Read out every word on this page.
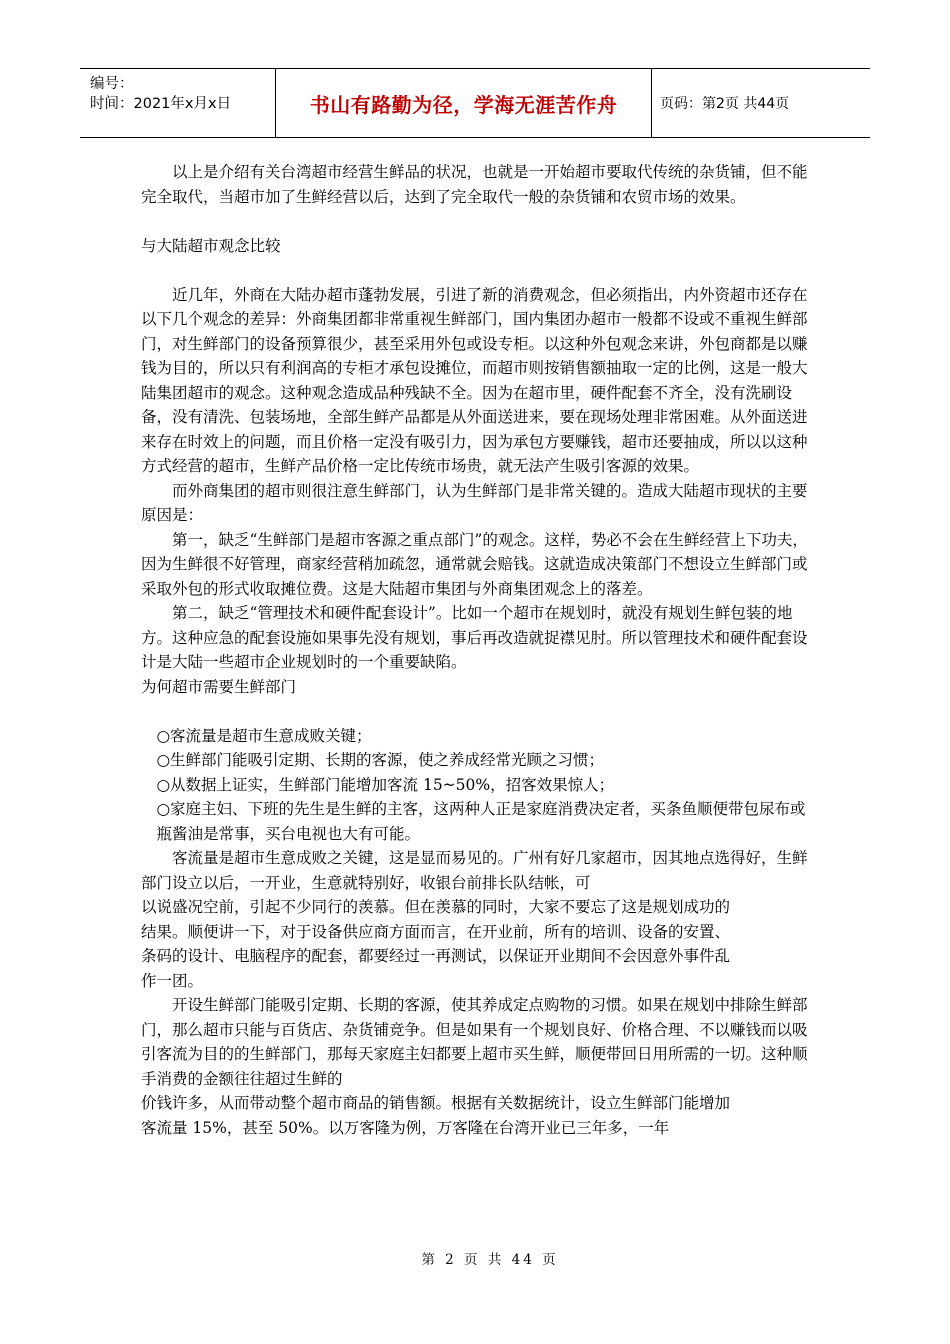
编号：
时间：2021年x月x日	书山有路勤为径，学海无涯苦作舟	页码：第2页 共44页

以上是介绍有关台湾超市经营生鲜品的状况，也就是一开始超市要取代传统的杂货铺，但不能完全取代，当超市加了生鲜经营以后，达到了完全取代一般的杂货铺和农贸市场的效果。

与大陆超市观念比较

近几年，外商在大陆办超市蓬勃发展，引进了新的消费观念，但必须指出，内外资超市还存在以下几个观念的差异：外商集团都非常重视生鲜部门，国内集团办超市一般都不设或不重视生鲜部门，对生鲜部门的设备预算很少，甚至采用外包或设专柜。以这种外包观念来讲，外包商都是以赚钱为目的，所以只有利润高的专柜才承包设摊位，而超市则按销售额抽取一定的比例，这是一般大陆集团超市的观念。这种观念造成品种残缺不全。因为在超市里，硬件配套不齐全，没有洗刷设备，没有清洗、包装场地，全部生鲜产品都是从外面送进来，要在现场处理非常困难。从外面送进来存在时效上的问题，而且价格一定没有吸引力，因为承包方要赚钱，超市还要抽成，所以以这种方式经营的超市，生鲜产品价格一定比传统市场贵，就无法产生吸引客源的效果。

而外商集团的超市则很注意生鲜部门，认为生鲜部门是非常关键的。造成大陆超市现状的主要原因是：

第一，缺乏“生鲜部门是超市客源之重点部门”的观念。这样，势必不会在生鲜经营上下功夫，因为生鲜很不好管理，商家经营稍加疏忽，通常就会赔钱。这就造成决策部门不想设立生鲜部门或采取外包的形式收取摊位费。这是大陆超市集团与外商集团观念上的落差。

第二，缺乏“管理技术和硬件配套设计”。比如一个超市在规划时，就没有规划生鲜包装的地方。这种应急的配套设施如果事先没有规划，事后再改造就捉襟见肘。所以管理技术和硬件配套设计是大陆一些超市企业规划时的一个重要缺陷。

为何超市需要生鲜部门

○客流量是超市生意成败关键；

○生鲜部门能吸引定期、长期的客源，使之养成经常光顾之习惯；

○从数据上证实，生鲜部门能增加客流 15~50%，招客效果惊人；

○家庭主妇、下班的先生是生鲜的主客，这两种人正是家庭消费决定者，买条鱼顺便带包尿布或瓶酱油是常事，买台电视也大有可能。

客流量是超市生意成败之关键，这是显而易见的。广州有好几家超市，因其地点选得好，生鲜部门设立以后，一开业，生意就特别好，收银台前排长队结帐，可

以说盛况空前，引起不少同行的羡慕。但在羡慕的同时，大家不要忘了这是规划成功的结果。顺便讲一下，对于设备供应商方面而言，在开业前，所有的培训、设备的安置、条码的设计、电脑程序的配套，都要经过一再测试，以保证开业期间不会因意外事件乱作一团。

开设生鲜部门能吸引定期、长期的客源，使其养成定点购物的习惯。如果在规划中排除生鲜部门，那么超市只能与百货店、杂货铺竞争。但是如果有一个规划良好、价格合理、不以赚钱而以吸引客流为目的的生鲜部门，那每天家庭主妇都要上超市买生鲜，顺便带回日用所需的一切。这种顺手消费的金额往往超过生鲜的

价钱许多，从而带动整个超市商品的销售额。根据有关数据统计，设立生鲜部门能增加客流量 15%，甚至 50%。以万客隆为例，万客隆在台湾开业已三年多，一年

第 2 页 共 44 页
